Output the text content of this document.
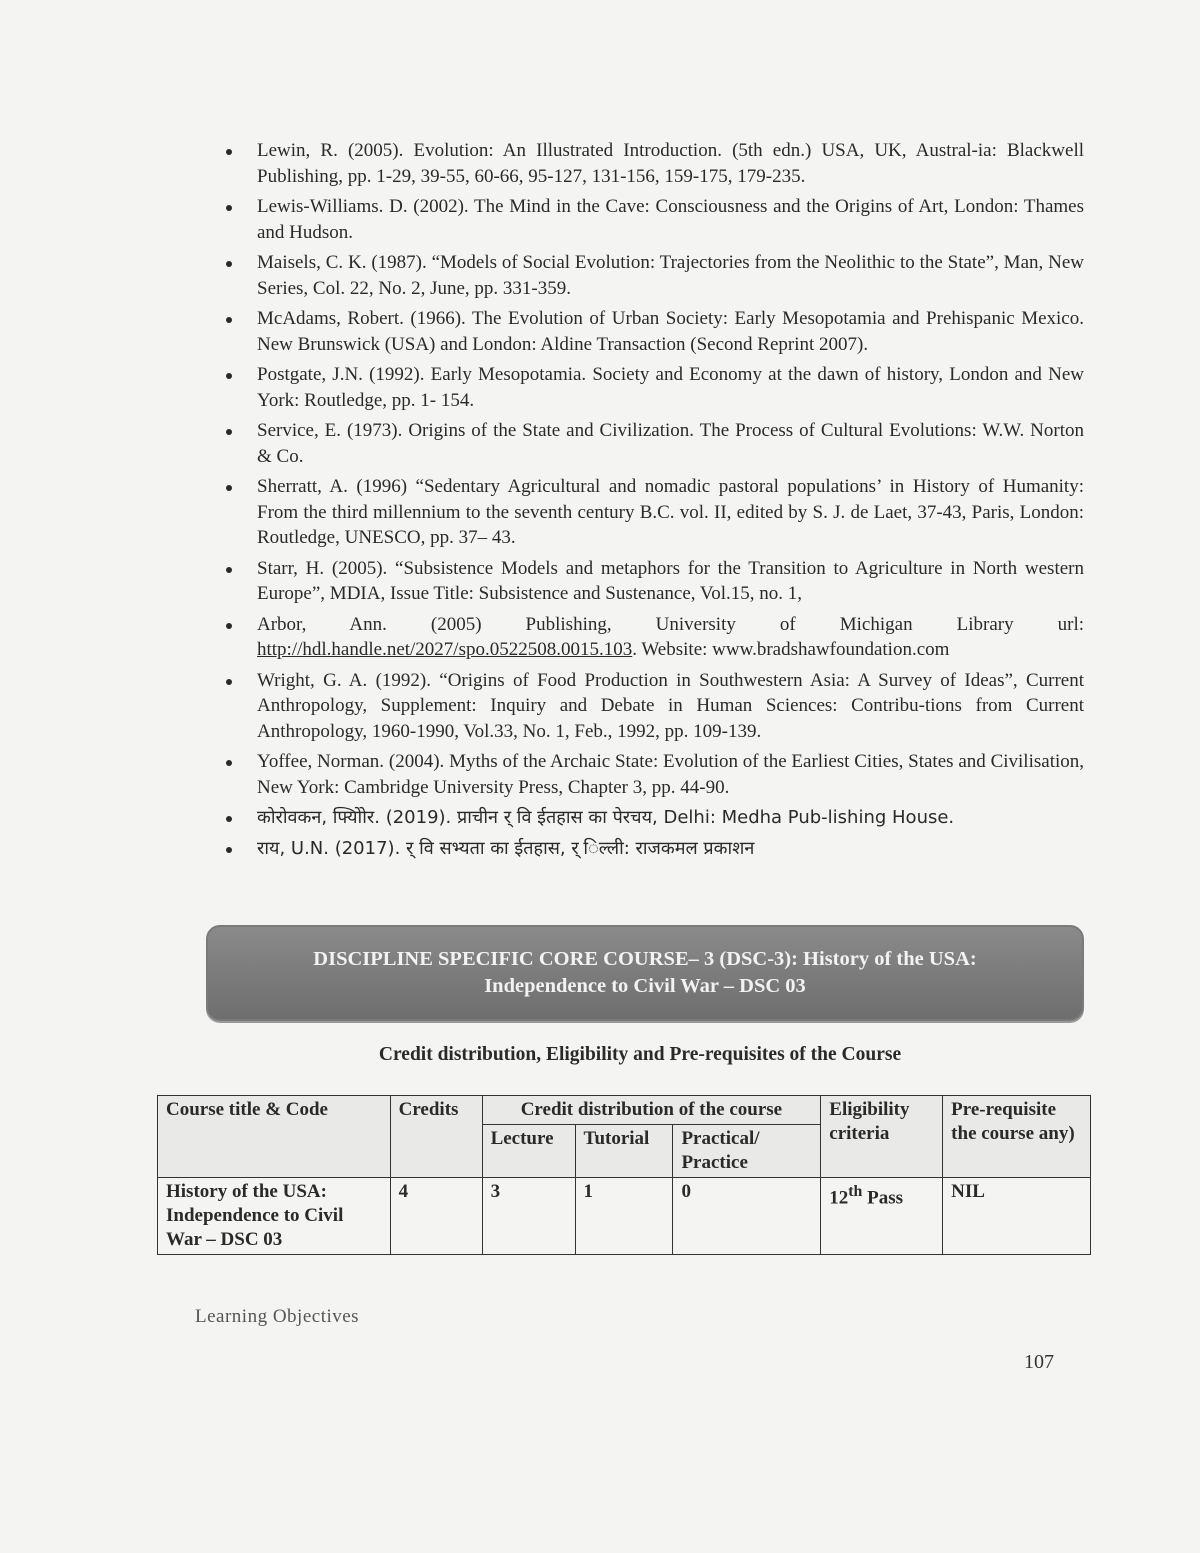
Lewin, R. (2005). Evolution: An Illustrated Introduction. (5th edn.) USA, UK, Austral-ia: Blackwell Publishing, pp. 1-29, 39-55, 60-66, 95-127, 131-156, 159-175, 179-235.
Lewis-Williams. D. (2002). The Mind in the Cave: Consciousness and the Origins of Art, London: Thames and Hudson.
Maisels, C. K. (1987). “Models of Social Evolution: Trajectories from the Neolithic to the State”, Man, New Series, Col. 22, No. 2, June, pp. 331-359.
McAdams, Robert. (1966). The Evolution of Urban Society: Early Mesopotamia and Prehispanic Mexico. New Brunswick (USA) and London: Aldine Transaction (Second Reprint 2007).
Postgate, J.N. (1992). Early Mesopotamia. Society and Economy at the dawn of history, London and New York: Routledge, pp. 1- 154.
Service, E. (1973). Origins of the State and Civilization. The Process of Cultural Evolutions: W.W. Norton & Co.
Sherratt, A. (1996) “Sedentary Agricultural and nomadic pastoral populations’ in History of Humanity: From the third millennium to the seventh century B.C. vol. II, edited by S. J. de Laet, 37-43, Paris, London: Routledge, UNESCO, pp. 37– 43.
Starr, H. (2005). “Subsistence Models and metaphors for the Transition to Agriculture in North western Europe”, MDIA, Issue Title: Subsistence and Sustenance, Vol.15, no. 1,
Arbor, Ann. (2005) Publishing, University of Michigan Library url: http://hdl.handle.net/2027/spo.0522508.0015.103. Website: www.bradshawfoundation.com
Wright, G. A. (1992). “Origins of Food Production in Southwestern Asia: A Survey of Ideas”, Current Anthropology, Supplement: Inquiry and Debate in Human Sciences: Contribu-tions from Current Anthropology, 1960-1990, Vol.33, No. 1, Feb., 1992, pp. 109-139.
Yoffee, Norman. (2004). Myths of the Archaic State: Evolution of the Earliest Cities, States and Civilisation, New York: Cambridge University Press, Chapter 3, pp. 44-90.
कोरोवकन, फ्योिोर. (2019). प्राचीन र् वि ईतहास का पेरचय, Delhi: Medha Pub-lishing House.
राय, U.N. (2017). र् वि सभ्यता का ईतहास, र् िल्ली: राजकमल प्रकाशन
DISCIPLINE SPECIFIC CORE COURSE– 3 (DSC-3): History of the USA:
Independence to Civil War – DSC 03
Credit distribution, Eligibility and Pre-requisites of the Course
Course title & Code	Credits	Credit distribution of the course			Eligibility criteria	Pre-requisite the course any)
		Lecture	Tutorial	Practical/ Practice		
History of the USA: Independence to Civil War – DSC 03	4	3	1	0	12th Pass	NIL
Learning Objectives
107
